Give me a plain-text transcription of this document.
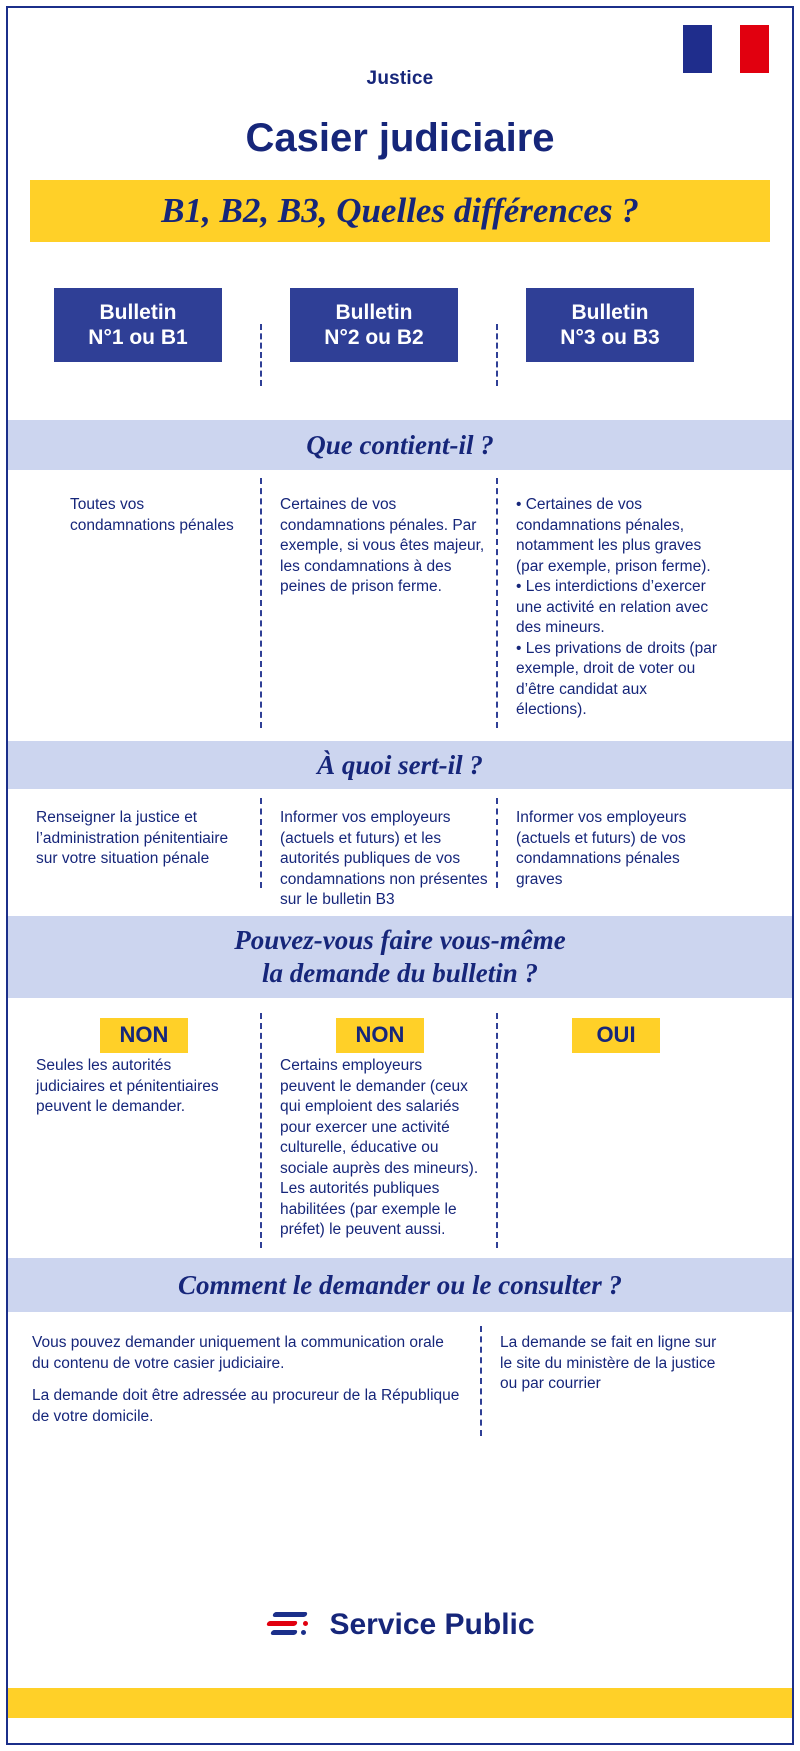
➤
Justice
Casier judiciaire
B1, B2, B3, Quelles différences ?
Bulletin
N°1 ou B1
Bulletin
N°2 ou B2
Bulletin
N°3 ou B3
Que contient-il ?

Toutes vos condamnations pénales

Certaines de vos condamnations pénales. Par exemple, si vous êtes majeur, les condamnations à des peines de prison ferme.

• Certaines de vos condamnations pénales, notamment les plus graves (par exemple, prison ferme).

• Les interdictions d’exercer une activité en relation avec des mineurs.

• Les privations de droits (par exemple, droit de voter ou d’être candidat aux élections).

À quoi sert-il ?

Renseigner la justice et l’administration pénitentiaire sur votre situation pénale

Informer vos employeurs (actuels et futurs) et les autorités publiques de vos condamnations non présentes sur le bulletin B3

Informer vos employeurs (actuels et futurs) de vos condamnations pénales graves

Pouvez-vous faire vous-même
la demande du bulletin ?
NON	NON	OUI

Seules les autorités judiciaires et pénitentiaires peuvent le demander.

Certains employeurs peuvent le demander (ceux qui emploient des salariés pour exercer une activité culturelle, éducative ou sociale auprès des mineurs). Les autorités publiques habilitées (par exemple le préfet) le peuvent aussi.

Comment le demander ou le consulter ?

Vous pouvez demander uniquement la communication orale du contenu de votre casier judiciaire.

La demande doit être adressée au procureur de la République de votre domicile.

La demande se fait en ligne sur le site du ministère de la justice ou par courrier

Service Public
